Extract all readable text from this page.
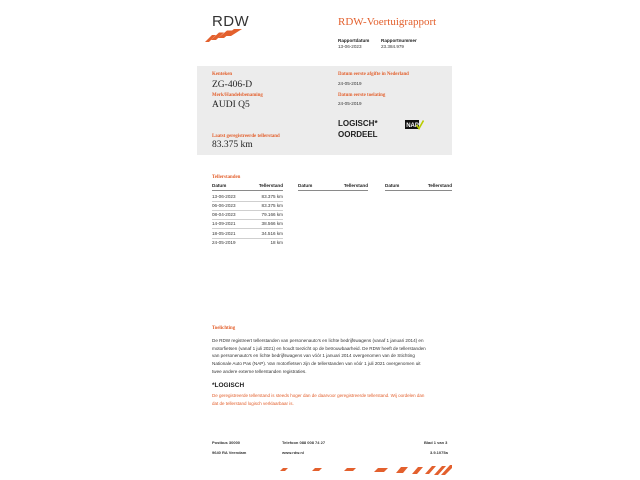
RDW	RDW-Voertuigrapport
Rapportdatum	Rapportnummer
13-06-2023	23.384.979
Kenteken
ZG-406-D
Merk/Handelsbenaming
AUDI Q5
Laatst geregistreerde tellerstand
83.375 km
Datum eerste afgifte in Nederland
24-05-2019
Datum eerste toelating
24-05-2019
LOGISCH*
OORDEEL
NAP
Tellerstanden
Datum	Tellerstand	Datum	Tellerstand	Datum	Tellerstand
13-06-2023	83.375 km
06-06-2023	83.375 km
08-04-2023	79.166 km
14-09-2021	38.566 km
18-05-2021	34.516 km
24-05-2019	18 km
Toelichting
De RDW registreert tellerstanden van personenauto's en lichte bedrijfswagens (vanaf 1 januari 2014) en
motorfietsen (vanaf 1 juli 2021) en houdt toezicht op de betrouwbaarheid. De RDW heeft de tellerstanden
van personenauto's en lichte bedrijfswagens van vóór 1 januari 2014 overgenomen van de Stichting
Nationale Auto Pas (NAP). Van motorfietsen zijn de tellerstanden van vóór 1 juli 2021 overgenomen uit
twee andere externe tellerstanden registraties.
*LOGISCH
De geregistreerde tellerstand is steeds hoger dan de daarvoor geregistreerde tellerstand. Wij oordelen dan
dat de tellerstand logisch verklaarbaar is.
Postbus 30000	Telefoon 088 008 74 27	Blad 1 van 3
9640 RA Veendam	www.rdw.nl	3.9.1075a
